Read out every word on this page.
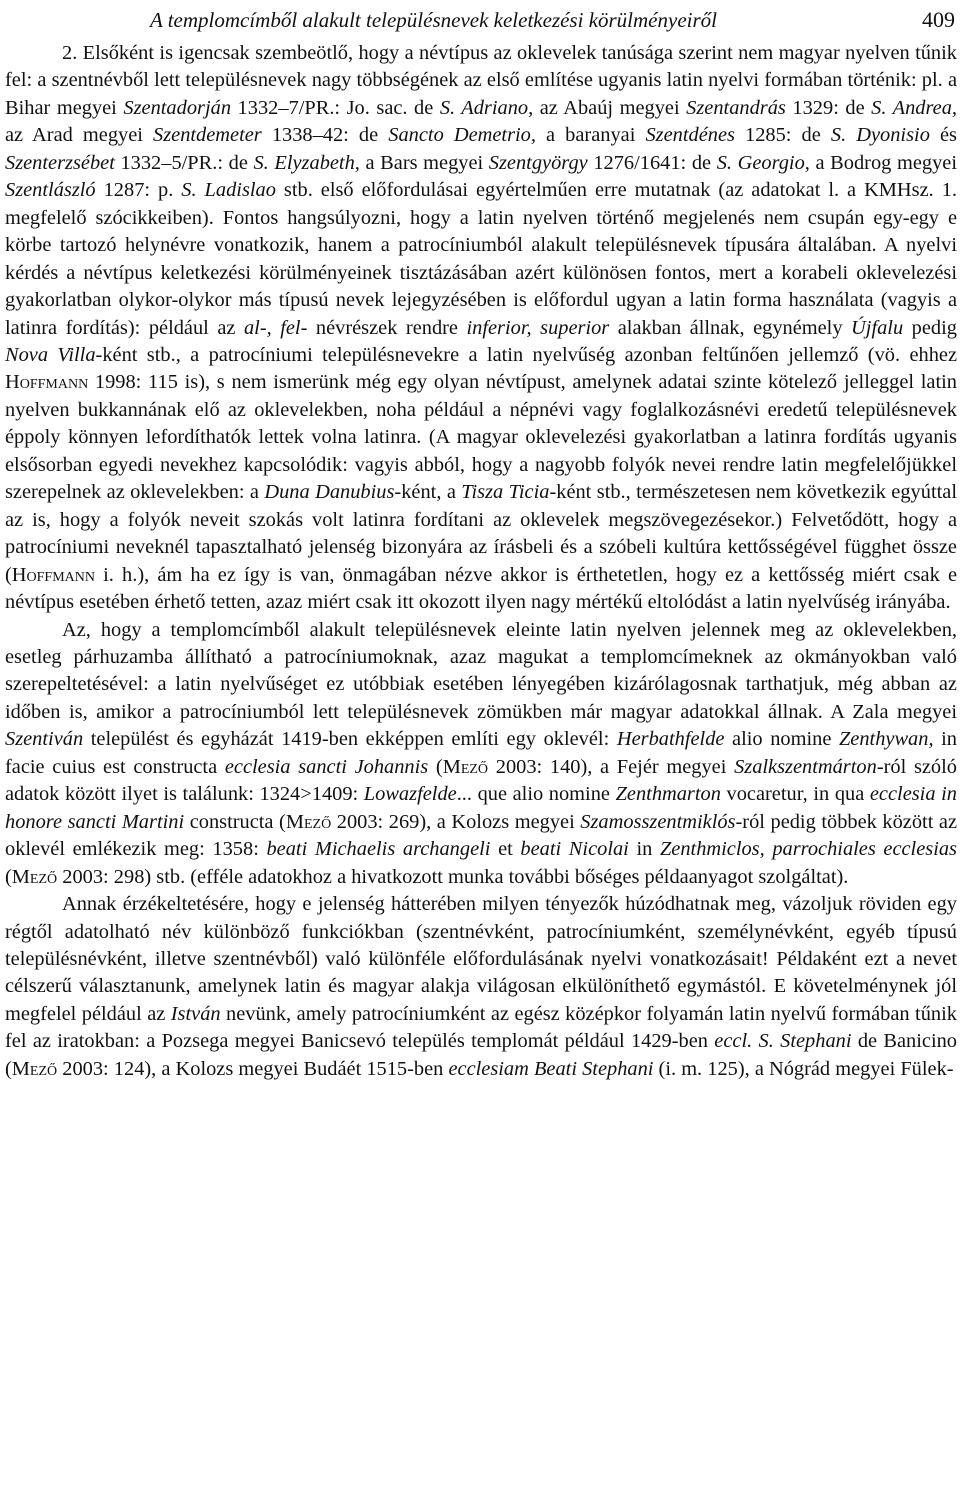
A templomcímből alakult településnevek keletkezési körülményeiről	409

2. Elsőként is igencsak szembeötlő, hogy a névtípus az oklevelek tanúsága szerint nem magyar nyelven tűnik fel: a szentnévből lett településnevek nagy többségének az első említése ugyanis latin nyelvi formában történik: pl. a Bihar megyei Szentadorján 1332–7/PR.: Jo. sac. de S. Adriano, az Abaúj megyei Szentandrás 1329: de S. Andrea, az Arad megyei Szentdemeter 1338–42: de Sancto Demetrio, a baranyai Szentdénes 1285: de S. Dyonisio és Szenterzsébet 1332–5/PR.: de S. Elyzabeth, a Bars megyei Szentgyörgy 1276/1641: de S. Georgio, a Bodrog megyei Szentlászló 1287: p. S. Ladislao stb. első előfordulásai egyértelműen erre mutatnak (az adatokat l. a KMHsz. 1. megfelelő szócikkeiben). Fontos hangsúlyozni, hogy a latin nyelven történő megjelenés nem csupán egy-egy e körbe tartozó helynévre vonatkozik, hanem a patrocíniumból alakult településnevek típusára általában. A nyelvi kérdés a névtípus keletkezési körülményeinek tisztázásában azért különösen fontos, mert a korabeli oklevelezési gyakorlatban olykor-olykor más típusú nevek lejegyzésében is előfordul ugyan a latin forma használata (vagyis a latinra fordítás): például az al-, fel- névrészek rendre inferior, superior alakban állnak, egynémely Újfalu pedig Nova Villa-ként stb., a patrocíniumi településnevekre a latin nyelvűség azonban feltűnően jellemző (vö. ehhez Hoffmann 1998: 115 is), s nem ismerünk még egy olyan névtípust, amelynek adatai szinte kötelező jelleggel latin nyelven bukkannának elő az oklevelekben, noha például a népnévi vagy foglalkozásnévi eredetű településnevek éppoly könnyen lefordíthatók lettek volna latinra. (A magyar oklevelezési gyakorlatban a latinra fordítás ugyanis elsősorban egyedi nevekhez kapcsolódik: vagyis abból, hogy a nagyobb folyók nevei rendre latin megfelelőjükkel szerepelnek az oklevelekben: a Duna Danubius-ként, a Tisza Ticia-ként stb., természetesen nem következik egyúttal az is, hogy a folyók neveit szokás volt latinra fordítani az oklevelek megszövegezésekor.) Felvetődött, hogy a patrocíniumi neveknél tapasztalható jelenség bizonyára az írásbeli és a szóbeli kultúra kettősségével függhet össze (Hoffmann i. h.), ám ha ez így is van, önmagában nézve akkor is érthetetlen, hogy ez a kettősség miért csak e névtípus esetében érhető tetten, azaz miért csak itt okozott ilyen nagy mértékű eltolódást a latin nyelvűség irányába.

Az, hogy a templomcímből alakult településnevek eleinte latin nyelven jelennek meg az oklevelekben, esetleg párhuzamba állítható a patrocíniumoknak, azaz magukat a templomcímeknek az okmányokban való szerepeltetésével: a latin nyelvűséget ez utóbbiak esetében lényegében kizárólagosnak tarthatjuk, még abban az időben is, amikor a patrocíniumból lett településnevek zömükben már magyar adatokkal állnak. A Zala megyei Szentiván települést és egyházát 1419-ben ekképpen említi egy oklevél: Herbathfelde alio nomine Zenthywan, in facie cuius est constructa ecclesia sancti Johannis (Mező 2003: 140), a Fejér megyei Szalkszentmárton-ról szóló adatok között ilyet is találunk: 1324>1409: Lowazfelde... que alio nomine Zenthmarton vocaretur, in qua ecclesia in honore sancti Martini constructa (Mező 2003: 269), a Kolozs megyei Szamosszentmiklós-ról pedig többek között az oklevél emlékezik meg: 1358: beati Michaelis archangeli et beati Nicolai in Zenthmiclos, parrochiales ecclesias (Mező 2003: 298) stb. (efféle adatokhoz a hivatkozott munka további bőséges példaanyagot szolgáltat).

Annak érzékeltetésére, hogy e jelenség hátterében milyen tényezők húzódhatnak meg, vázoljuk röviden egy régtől adatolható név különböző funkciókban (szentnévként, patrocíniumként, személynévként, egyéb típusú településnévként, illetve szentnévből) való különféle előfordulásának nyelvi vonatkozásait! Példaként ezt a nevet célszerű választanunk, amelynek latin és magyar alakja világosan elkülöníthető egymástól. E követelménynek jól megfelel például az István nevünk, amely patrocíniumként az egész középkor folyamán latin nyelvű formában tűnik fel az iratokban: a Pozsega megyei Banicsevó település templomát például 1429-ben eccl. S. Stephani de Banicino (Mező 2003: 124), a Kolozs megyei Budáét 1515-ben ecclesiam Beati Stephani (i. m. 125), a Nógrád megyei Fülek-
